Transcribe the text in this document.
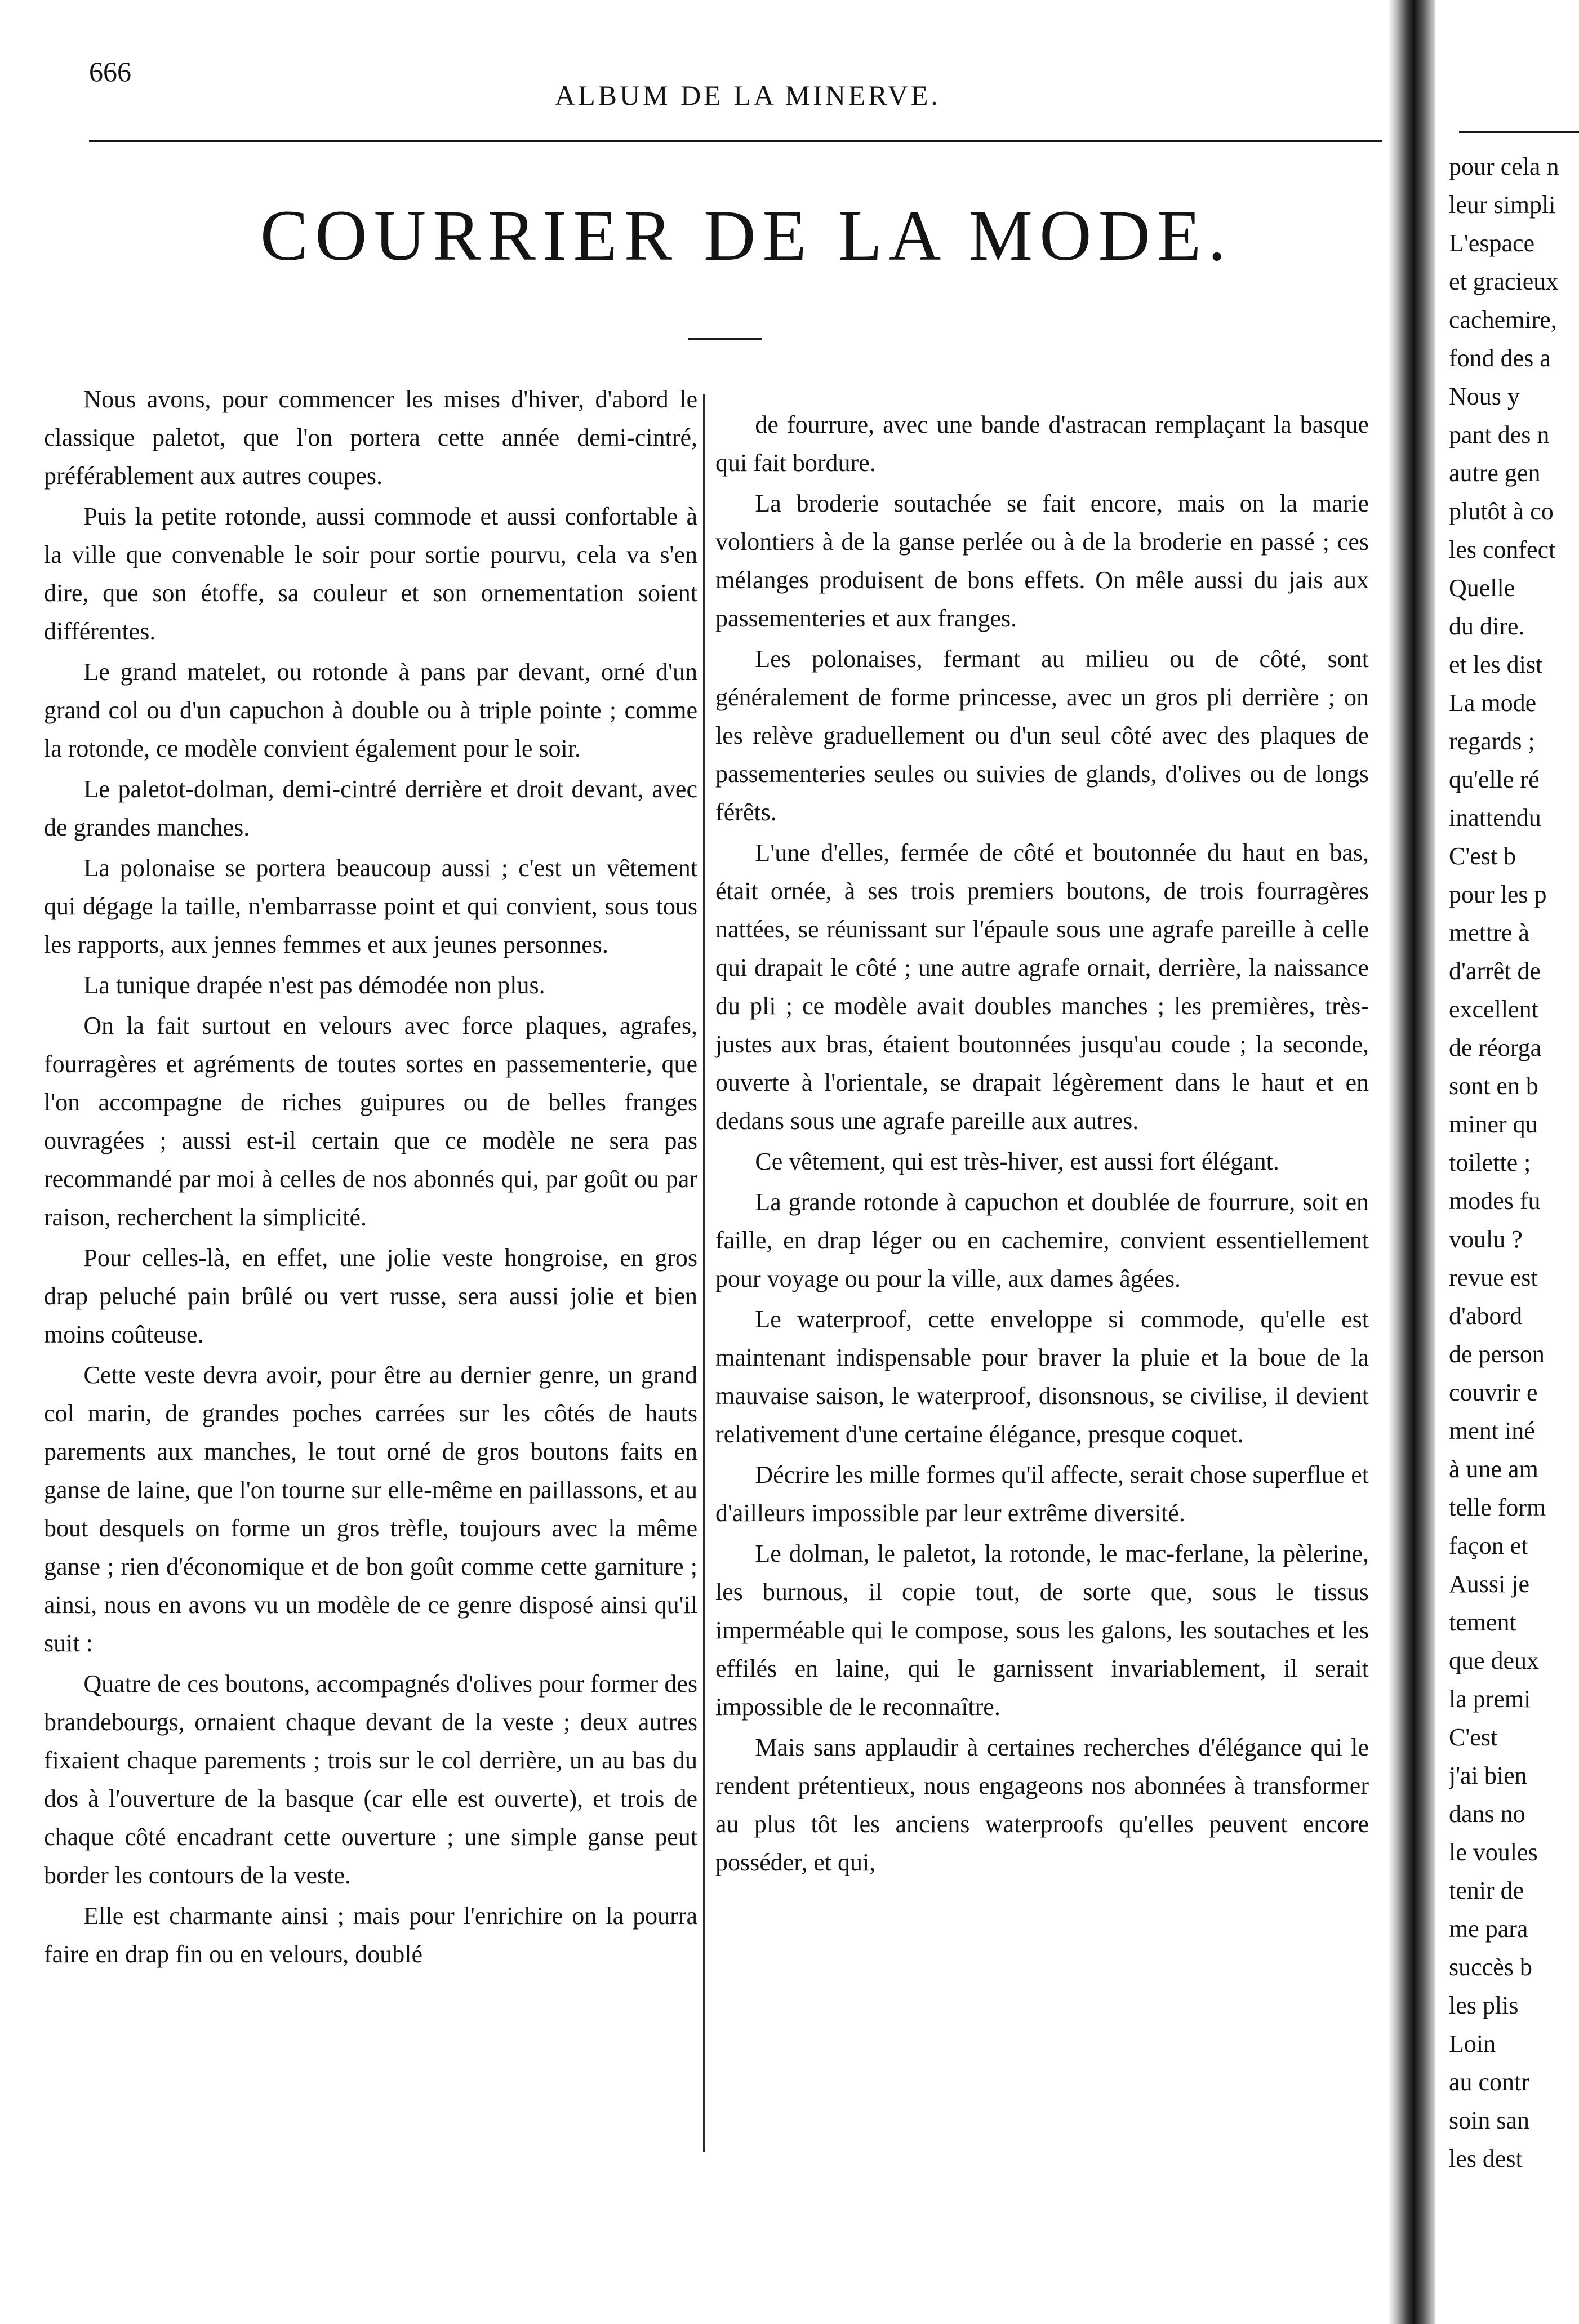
666
ALBUM DE LA MINERVE.
COURRIER DE LA MODE.

Nous avons, pour commencer les mises d'hiver, d'abord le classique paletot, que l'on portera cette année demi-cintré, préférablement aux autres coupes.

Puis la petite rotonde, aussi commode et aussi confortable à la ville que convenable le soir pour sortie pourvu, cela va s'en dire, que son étoffe, sa couleur et son ornementation soient différentes.

Le grand matelet, ou rotonde à pans par devant, orné d'un grand col ou d'un capuchon à double ou à triple pointe ; comme la rotonde, ce modèle convient également pour le soir.

Le paletot-dolman, demi-cintré derrière et droit devant, avec de grandes manches.

La polonaise se portera beaucoup aussi ; c'est un vêtement qui dégage la taille, n'embarrasse point et qui convient, sous tous les rapports, aux jennes femmes et aux jeunes personnes.

La tunique drapée n'est pas démodée non plus.

On la fait surtout en velours avec force plaques, agrafes, fourragères et agréments de toutes sortes en passementerie, que l'on accompagne de riches guipures ou de belles franges ouvragées ; aussi est-il certain que ce modèle ne sera pas recommandé par moi à celles de nos abonnés qui, par goût ou par raison, recherchent la simplicité.

Pour celles-là, en effet, une jolie veste hongroise, en gros drap peluché pain brûlé ou vert russe, sera aussi jolie et bien moins coûteuse.

Cette veste devra avoir, pour être au dernier genre, un grand col marin, de grandes poches carrées sur les côtés de hauts parements aux manches, le tout orné de gros boutons faits en ganse de laine, que l'on tourne sur elle-même en paillassons, et au bout desquels on forme un gros trèfle, toujours avec la même ganse ; rien d'économique et de bon goût comme cette garniture ; ainsi, nous en avons vu un modèle de ce genre disposé ainsi qu'il suit :

Quatre de ces boutons, accompagnés d'olives pour former des brandebourgs, ornaient chaque devant de la veste ; deux autres fixaient chaque parements ; trois sur le col derrière, un au bas du dos à l'ouverture de la basque (car elle est ouverte), et trois de chaque côté encadrant cette ouverture ; une simple ganse peut border les contours de la veste.

Elle est charmante ainsi ; mais pour l'enrichire on la pourra faire en drap fin ou en velours, doublé

de fourrure, avec une bande d'astracan remplaçant la basque qui fait bordure.

La broderie soutachée se fait encore, mais on la marie volontiers à de la ganse perlée ou à de la broderie en passé ; ces mélanges produisent de bons effets. On mêle aussi du jais aux passementeries et aux franges.

Les polonaises, fermant au milieu ou de côté, sont généralement de forme princesse, avec un gros pli derrière ; on les relève graduellement ou d'un seul côté avec des plaques de passementeries seules ou suivies de glands, d'olives ou de longs férêts.

L'une d'elles, fermée de côté et boutonnée du haut en bas, était ornée, à ses trois premiers boutons, de trois fourragères nattées, se réunissant sur l'épaule sous une agrafe pareille à celle qui drapait le côté ; une autre agrafe ornait, derrière, la naissance du pli ; ce modèle avait doubles manches ; les premières, très-justes aux bras, étaient boutonnées jusqu'au coude ; la seconde, ouverte à l'orientale, se drapait légèrement dans le haut et en dedans sous une agrafe pareille aux autres.

Ce vêtement, qui est très-hiver, est aussi fort élégant.

La grande rotonde à capuchon et doublée de fourrure, soit en faille, en drap léger ou en cachemire, convient essentiellement pour voyage ou pour la ville, aux dames âgées.

Le waterproof, cette enveloppe si commode, qu'elle est maintenant indispensable pour braver la pluie et la boue de la mauvaise saison, le waterproof, disonsnous, se civilise, il devient relativement d'une certaine élégance, presque coquet.

Décrire les mille formes qu'il affecte, serait chose superflue et d'ailleurs impossible par leur extrême diversité.

Le dolman, le paletot, la rotonde, le mac-ferlane, la pèlerine, les burnous, il copie tout, de sorte que, sous le tissus imperméable qui le compose, sous les galons, les soutaches et les effilés en laine, qui le garnissent invariablement, il serait impossible de le reconnaître.

Mais sans applaudir à certaines recherches d'élégance qui le rendent prétentieux, nous engageons nos abonnées à transformer au plus tôt les anciens waterproofs qu'elles peuvent encore posséder, et qui,

pour cela n
leur simpli
L'espace
et gracieux
cachemire,
fond des a
Nous y
pant des n
autre gen
plutôt à co
les confect
Quelle
du dire.
et les dist
La mode
regards ;
qu'elle ré
inattendu
C'est b
pour les p
mettre à
d'arrêt de
excellent
de réorga
sont en b
miner qu
toilette ;
modes fu
voulu ?
revue est
d'abord
de person
couvrir e
ment iné
à une am
telle form
façon et
Aussi je
tement
que deux
la premi
C'est
j'ai bien
dans no
le voules
tenir de
me para
succès b
les plis
Loin
au contr
soin san
les dest
